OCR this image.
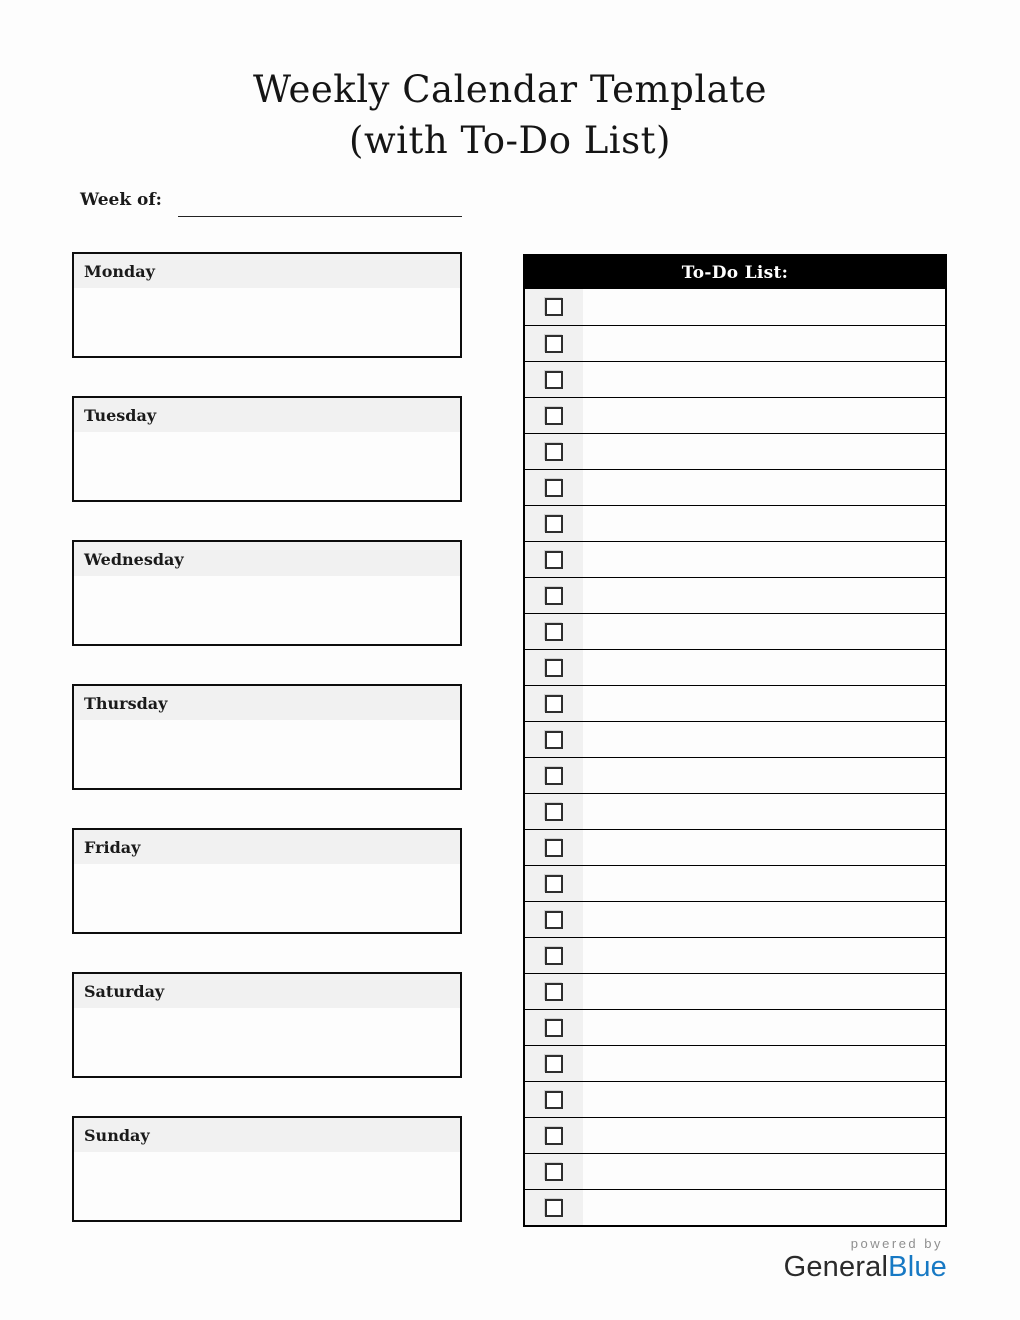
Weekly Calendar Template
(with To-Do List)
Week of:
Monday
Tuesday
Wednesday
Thursday
Friday
Saturday
Sunday
To-Do List:
powered by
GeneralBlue
